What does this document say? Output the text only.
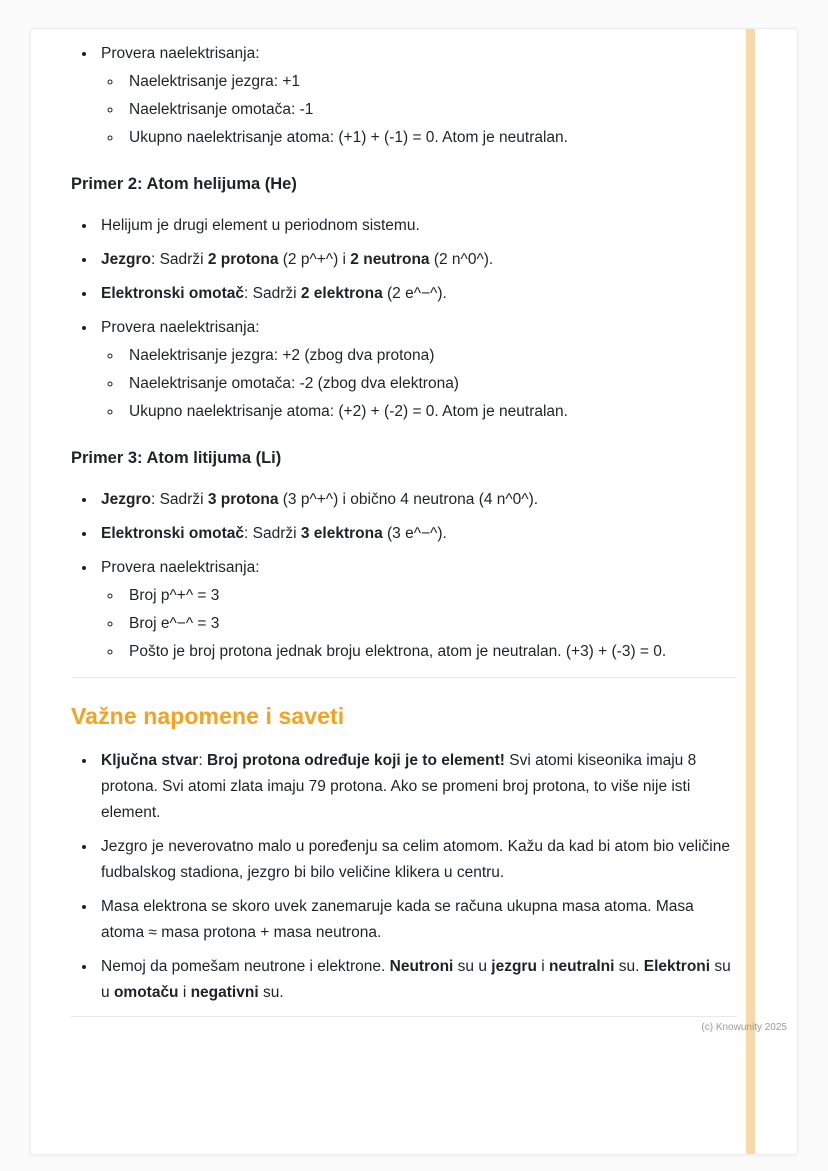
• Provera naelektrisanja:
◦ Naelektrisanje jezgra: +1
◦ Naelektrisanje omotača: -1
◦ Ukupno naelektrisanje atoma: (+1) + (-1) = 0. Atom je neutralan.
Primer 2: Atom helijuma (He)
• Helijum je drugi element u periodnom sistemu.
• Jezgro: Sadrži 2 protona (2 p^+^) i 2 neutrona (2 n^0^).
• Elektronski omotač: Sadrži 2 elektrona (2 e^−^).
• Provera naelektrisanja:
◦ Naelektrisanje jezgra: +2 (zbog dva protona)
◦ Naelektrisanje omotača: -2 (zbog dva elektrona)
◦ Ukupno naelektrisanje atoma: (+2) + (-2) = 0. Atom je neutralan.
Primer 3: Atom litijuma (Li)
• Jezgro: Sadrži 3 protona (3 p^+^) i obično 4 neutrona (4 n^0^).
• Elektronski omotač: Sadrži 3 elektrona (3 e^−^).
• Provera naelektrisanja:
◦ Broj p^+^ = 3
◦ Broj e^−^ = 3
◦ Pošto je broj protona jednak broju elektrona, atom je neutralan. (+3) + (-3) = 0.
Važne napomene i saveti
• Ključna stvar: Broj protona određuje koji je to element! Svi atomi kiseonika imaju 8 protona. Svi atomi zlata imaju 79 protona. Ako se promeni broj protona, to više nije isti element.
• Jezgro je neverovatno malo u poređenju sa celim atomom. Kažu da kad bi atom bio veličine fudbalskog stadiona, jezgro bi bilo veličine klikera u centru.
• Masa elektrona se skoro uvek zanemaruje kada se računa ukupna masa atoma. Masa atoma ≈ masa protona + masa neutrona.
• Nemoj da pomešam neutrone i elektrone. Neutroni su u jezgru i neutralni su. Elektroni su u omotaču i negativni su.
(c) Knowunity 2025
